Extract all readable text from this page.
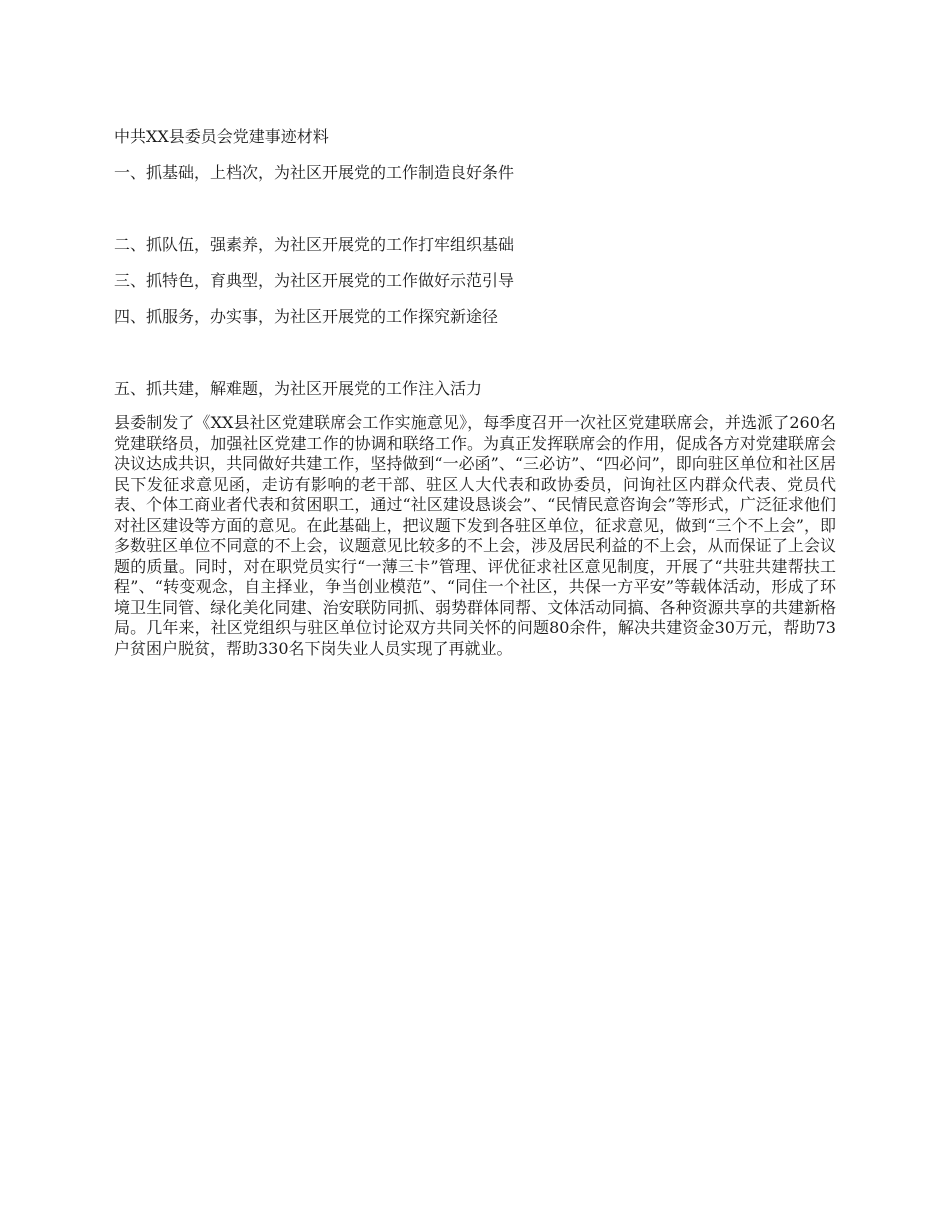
中共XX县委员会党建事迹材料

一、抓基础，上档次，为社区开展党的工作制造良好条件

二、抓队伍，强素养，为社区开展党的工作打牢组织基础

三、抓特色，育典型，为社区开展党的工作做好示范引导

四、抓服务，办实事，为社区开展党的工作探究新途径

五、抓共建，解难题，为社区开展党的工作注入活力

县委制发了《XX县社区党建联席会工作实施意见》，每季度召开一次社区党建联席会，并选派了260名党建联络员，加强社区党建工作的协调和联络工作。为真正发挥联席会的作用，促成各方对党建联席会决议达成共识，共同做好共建工作，坚持做到“一必函”、“三必访”、“四必问”，即向驻区单位和社区居民下发征求意见函，走访有影响的老干部、驻区人大代表和政协委员，问询社区内群众代表、党员代表、个体工商业者代表和贫困职工，通过“社区建设恳谈会”、“民情民意咨询会”等形式，广泛征求他们对社区建设等方面的意见。在此基础上，把议题下发到各驻区单位，征求意见，做到“三个不上会”，即多数驻区单位不同意的不上会，议题意见比较多的不上会，涉及居民利益的不上会，从而保证了上会议题的质量。同时，对在职党员实行“一薄三卡”管理、评优征求社区意见制度，开展了“共驻共建帮扶工程”、“转变观念，自主择业，争当创业模范”、“同住一个社区，共保一方平安”等载体活动，形成了环境卫生同管、绿化美化同建、治安联防同抓、弱势群体同帮、文体活动同搞、各种资源共享的共建新格局。几年来，社区党组织与驻区单位讨论双方共同关怀的问题80余件，解决共建资金30万元，帮助73户贫困户脱贫，帮助330名下岗失业人员实现了再就业。
